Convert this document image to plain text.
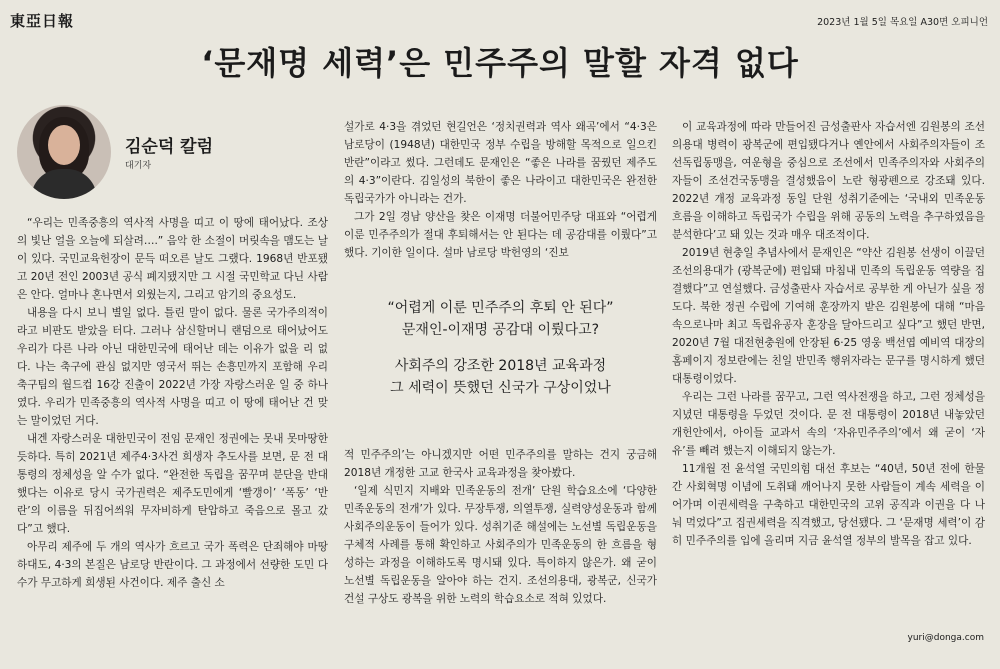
東亞日報	2023년 1월 5일 목요일 A30면 오피니언
‘문재명 세력’은 민주주의 말할 자격 없다
김순덕 칼럼
대기자

“우리는 민족중흥의 역사적 사명을 띠고 이 땅에 태어났다. 조상의 빛난 얼을 오늘에 되살려….” 음악 한 소절이 머릿속을 맴도는 날이 있다. 국민교육헌장이 문득 떠오른 날도 그랬다. 1968년 반포됐고 20년 전인 2003년 공식 폐지됐지만 그 시절 국민학교 다닌 사람은 안다. 얼마나 혼나면서 외웠는지, 그리고 암기의 중요성도.

내용을 다시 보니 별일 없다. 틀린 말이 없다. 물론 국가주의적이라고 비판도 받았을 터다. 그러나 삼신할머니 랜덤으로 태어났어도 우리가 다른 나라 아닌 대한민국에 태어난 데는 이유가 없을 리 없다. 나는 축구에 관심 없지만 영국서 뛰는 손흥민까지 포함해 우리 축구팀의 월드컵 16강 진출이 2022년 가장 자랑스러운 일 중 하나였다. 우리가 민족중흥의 역사적 사명을 띠고 이 땅에 태어난 건 맞는 말이었던 거다.

내겐 자랑스러운 대한민국이 전임 문재인 정권에는 못내 못마땅한 듯하다. 특히 2021년 제주4·3사건 희생자 추도사를 보면, 문 전 대통령의 정체성을 알 수가 없다. “완전한 독립을 꿈꾸며 분단을 반대했다는 이유로 당시 국가권력은 제주도민에게 ‘빨갱이’ ‘폭동’ ‘반란’의 이름을 뒤집어씌워 무자비하게 탄압하고 죽음으로 몰고 갔다”고 했다.

아무리 제주에 두 개의 역사가 흐르고 국가 폭력은 단죄해야 마땅하대도, 4·3의 본질은 남로당 반란이다. 그 과정에서 선량한 도민 다수가 무고하게 희생된 사건이다. 제주 출신 소

설가로 4·3을 겪었던 현길언은 ‘정치권력과 역사 왜곡’에서 “4·3은 남로당이 (1948년) 대한민국 정부 수립을 방해할 목적으로 일으킨 반란”이라고 썼다. 그런데도 문재인은 “좋은 나라를 꿈꿨던 제주도의 4·3”이란다. 김일성의 북한이 좋은 나라이고 대한민국은 완전한 독립국가가 아니라는 건가.

그가 2일 경남 양산을 찾은 이재명 더불어민주당 대표와 “어렵게 이룬 민주주의가 절대 후퇴해서는 안 된다는 데 공감대를 이뤘다”고 했다. 기이한 일이다. 설마 남로당 박헌영의 ‘진보

“어렵게 이룬 민주주의 후퇴 안 된다”

문재인-이재명 공감대 이뤘다고?

사회주의 강조한 2018년 교육과정

그 세력이 뜻했던 신국가 구상이었나

적 민주주의’는 아니겠지만 어떤 민주주의를 말하는 건지 궁금해 2018년 개정한 고교 한국사 교육과정을 찾아봤다.

‘일제 식민지 지배와 민족운동의 전개’ 단원 학습요소에 ‘다양한 민족운동의 전개’가 있다. 무장투쟁, 의열투쟁, 실력양성운동과 함께 사회주의운동이 들어가 있다. 성취기준 해설에는 노선별 독립운동을 구체적 사례를 통해 확인하고 사회주의가 민족운동의 한 흐름을 형성하는 과정을 이해하도록 명시돼 있다. 특이하지 않은가. 왜 굳이 노선별 독립운동을 알아야 하는 건지. 조선의용대, 광복군, 신국가 건설 구상도 광복을 위한 노력의 학습요소로 적혀 있었다.

이 교육과정에 따라 만들어진 금성출판사 자습서엔 김원봉의 조선의용대 병력이 광복군에 편입됐다거나 옌안에서 사회주의자들이 조선독립동맹을, 여운형을 중심으로 조선에서 민족주의자와 사회주의자들이 조선건국동맹을 결성했음이 노란 형광펜으로 강조돼 있다. 2022년 개정 교육과정 동일 단원 성취기준에는 ‘국내외 민족운동 흐름을 이해하고 독립국가 수립을 위해 공동의 노력을 추구하였음을 분석한다’고 돼 있는 것과 매우 대조적이다.

2019년 현충일 추념사에서 문재인은 “약산 김원봉 선생이 이끌던 조선의용대가 (광복군에) 편입돼 마침내 민족의 독립운동 역량을 집결했다”고 연설했다. 금성출판사 자습서로 공부한 게 아닌가 싶을 정도다. 북한 정권 수립에 기여해 훈장까지 받은 김원봉에 대해 “마음속으로나마 최고 독립유공자 훈장을 달아드리고 싶다”고 했던 반면, 2020년 7월 대전현충원에 안장된 6·25 영웅 백선엽 예비역 대장의 홈페이지 정보란에는 친일 반민족 행위자라는 문구를 명시하게 했던 대통령이었다.

우리는 그런 나라를 꿈꾸고, 그런 역사전쟁을 하고, 그런 정체성을 지녔던 대통령을 두었던 것이다. 문 전 대통령이 2018년 내놓았던 개헌안에서, 아이들 교과서 속의 ‘자유민주주의’에서 왜 굳이 ‘자유’를 빼려 했는지 이해되지 않는가.

11개월 전 윤석열 국민의힘 대선 후보는 “40년, 50년 전에 한물간 사회혁명 이념에 도취돼 깨어나지 못한 사람들이 계속 세력을 이어가며 이권세력을 구축하고 대한민국의 고위 공직과 이권을 다 나눠 먹었다”고 집권세력을 직격했고, 당선됐다. 그 ‘문재명 세력’이 감히 민주주의를 입에 올리며 지금 윤석열 정부의 발목을 잡고 있다.

yuri@donga.com
